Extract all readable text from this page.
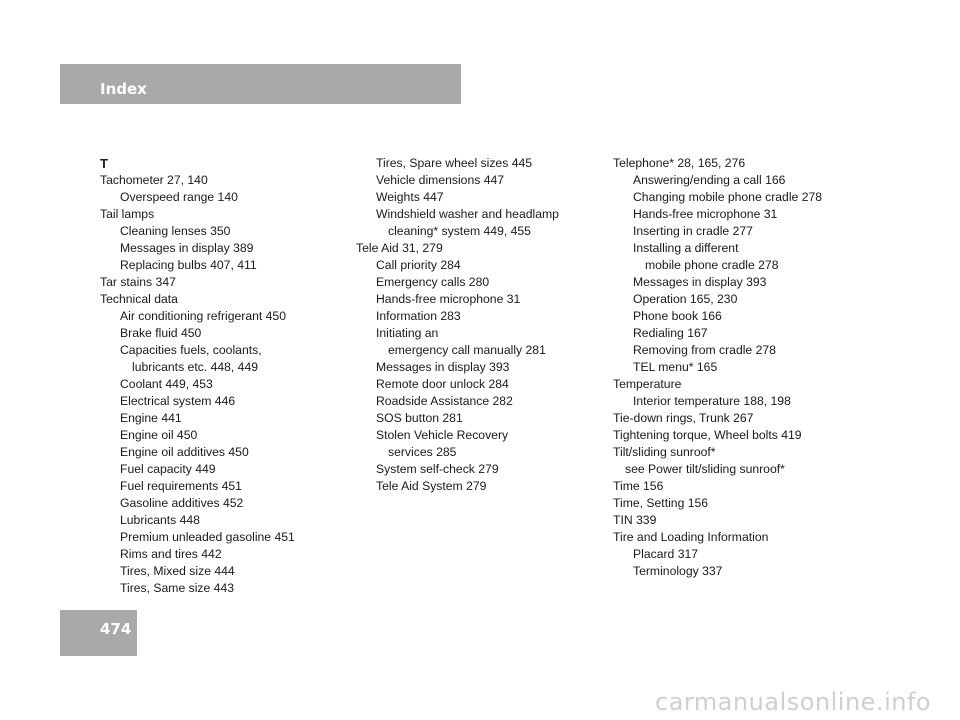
Index
T
Tachometer 27, 140
Overspeed range 140
Tail lamps
Cleaning lenses 350
Messages in display 389
Replacing bulbs 407, 411
Tar stains 347
Technical data
Air conditioning refrigerant 450
Brake fluid 450
Capacities fuels, coolants,
lubricants etc. 448, 449
Coolant 449, 453
Electrical system 446
Engine 441
Engine oil 450
Engine oil additives 450
Fuel capacity 449
Fuel requirements 451
Gasoline additives 452
Lubricants 448
Premium unleaded gasoline 451
Rims and tires 442
Tires, Mixed size 444
Tires, Same size 443
Tires, Spare wheel sizes 445
Vehicle dimensions 447
Weights 447
Windshield washer and headlamp
cleaning* system 449, 455
Tele Aid 31, 279
Call priority 284
Emergency calls 280
Hands-free microphone 31
Information 283
Initiating an
emergency call manually 281
Messages in display 393
Remote door unlock 284
Roadside Assistance 282
SOS button 281
Stolen Vehicle Recovery
services 285
System self-check 279
Tele Aid System 279
Telephone* 28, 165, 276
Answering/ending a call 166
Changing mobile phone cradle 278
Hands-free microphone 31
Inserting in cradle 277
Installing a different
mobile phone cradle 278
Messages in display 393
Operation 165, 230
Phone book 166
Redialing 167
Removing from cradle 278
TEL menu* 165
Temperature
Interior temperature 188, 198
Tie-down rings, Trunk 267
Tightening torque, Wheel bolts 419
Tilt/sliding sunroof*
see Power tilt/sliding sunroof*
Time 156
Time, Setting 156
TIN 339
Tire and Loading Information
Placard 317
Terminology 337
474
carmanualsonline.info
